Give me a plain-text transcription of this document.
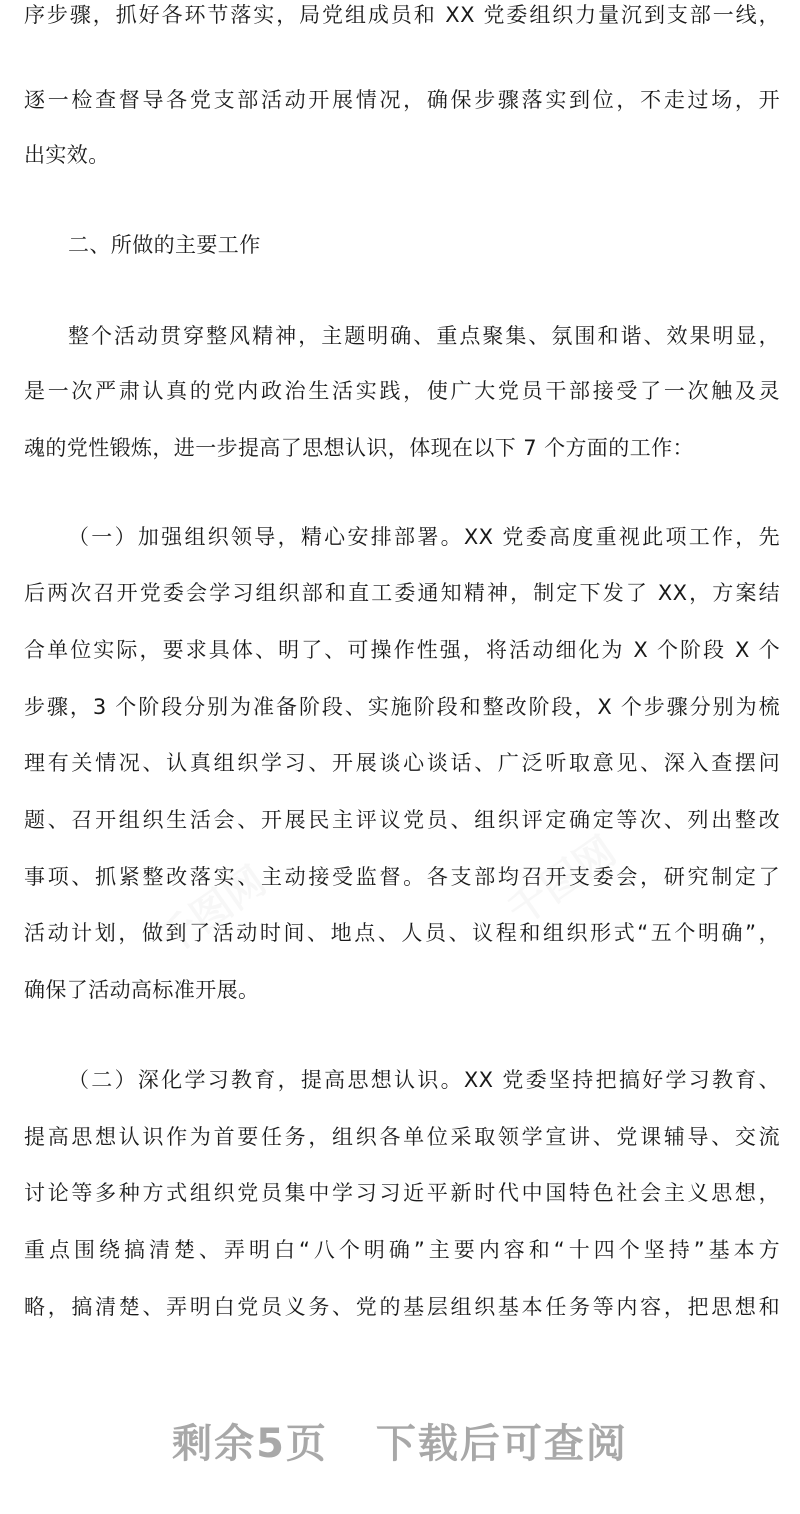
千图网	千图网
序步骤，抓好各环节落实，局党组成员和 XX 党委组织力量沉到支部一线，
逐一检查督导各党支部活动开展情况，确保步骤落实到位，不走过场，开
出实效。
二、所做的主要工作
整个活动贯穿整风精神，主题明确、重点聚集、氛围和谐、效果明显，
是一次严肃认真的党内政治生活实践，使广大党员干部接受了一次触及灵
魂的党性锻炼，进一步提高了思想认识，体现在以下 7 个方面的工作：
（一）加强组织领导，精心安排部署。XX 党委高度重视此项工作，先
后两次召开党委会学习组织部和直工委通知精神，制定下发了 XX，方案结
合单位实际，要求具体、明了、可操作性强，将活动细化为 X 个阶段 X 个
步骤，3 个阶段分别为准备阶段、实施阶段和整改阶段，X 个步骤分别为梳
理有关情况、认真组织学习、开展谈心谈话、广泛听取意见、深入查摆问
题、召开组织生活会、开展民主评议党员、组织评定确定等次、列出整改
事项、抓紧整改落实、主动接受监督。各支部均召开支委会，研究制定了
活动计划，做到了活动时间、地点、人员、议程和组织形式“五个明确”，
确保了活动高标准开展。
（二）深化学习教育，提高思想认识。XX 党委坚持把搞好学习教育、
提高思想认识作为首要任务，组织各单位采取领学宣讲、党课辅导、交流
讨论等多种方式组织党员集中学习习近平新时代中国特色社会主义思想，
重点围绕搞清楚、弄明白“八个明确”主要内容和“十四个坚持”基本方
略，搞清楚、弄明白党员义务、党的基层组织基本任务等内容，把思想和
剩余5页 下载后可查阅
